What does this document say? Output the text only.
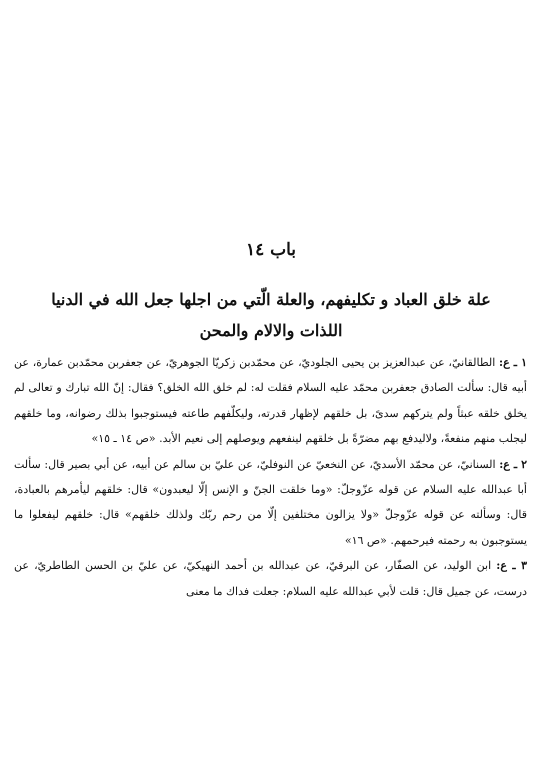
باب ١٤
علة خلق العباد و تكليفهم، والعلة الّتي من اجلها جعل الله في الدنيا اللذات والالام والمحن

١ ـ ع: الطالقانيّ، عن عبدالعزيز بن يحيى الجلوديّ، عن محمّدبن زكريّا الجوهريّ، عن جعفربن محمّدبن عمارة، عن أبيه قال: سألت الصادق جعفربن محمّد عليه السلام فقلت له: لم خلق الله الخلق؟ فقال: إنّ الله تبارك و تعالى لم يخلق خلقه عبثاً ولم يتركهم سدىً، بل خلقهم لإظهار قدرته، وليكلّفهم طاعته فيستوجبوا بذلك رضوانه، وما خلقهم ليجلب منهم منفعةً، ولاليدفع بهم مضرّةً بل خلقهم لينفعهم ويوصلهم إلى نعيم الأبد. «ص ١٤ ـ ١٥»

٢ ـ ع: السنانيّ، عن محمّد الأسديّ، عن النخعيّ عن النوفليّ، عن عليّ بن سالم عن أبيه، عن أبي بصير قال: سألت أبا عبدالله عليه السلام عن قوله عزّوجلّ: «وما خلقت الجنّ و الإنس إلّا ليعبدون» قال: خلقهم ليأمرهم بالعبادة، قال: وسألته عن قوله عزّوجلّ «ولا يزالون مختلفين إلّا من رحم ربّك ولذلك خلقهم» قال: خلقهم ليفعلوا ما يستوجبون به رحمته فيرحمهم. «ص ١٦»

٣ ـ ع: ابن الوليد، عن الصفّار، عن البرقيّ، عن عبدالله بن أحمد النهيكيّ، عن عليّ بن الحسن الطاطريّ، عن درست، عن جميل قال: قلت لأبي عبدالله عليه السلام: جعلت فداك ما معنى
